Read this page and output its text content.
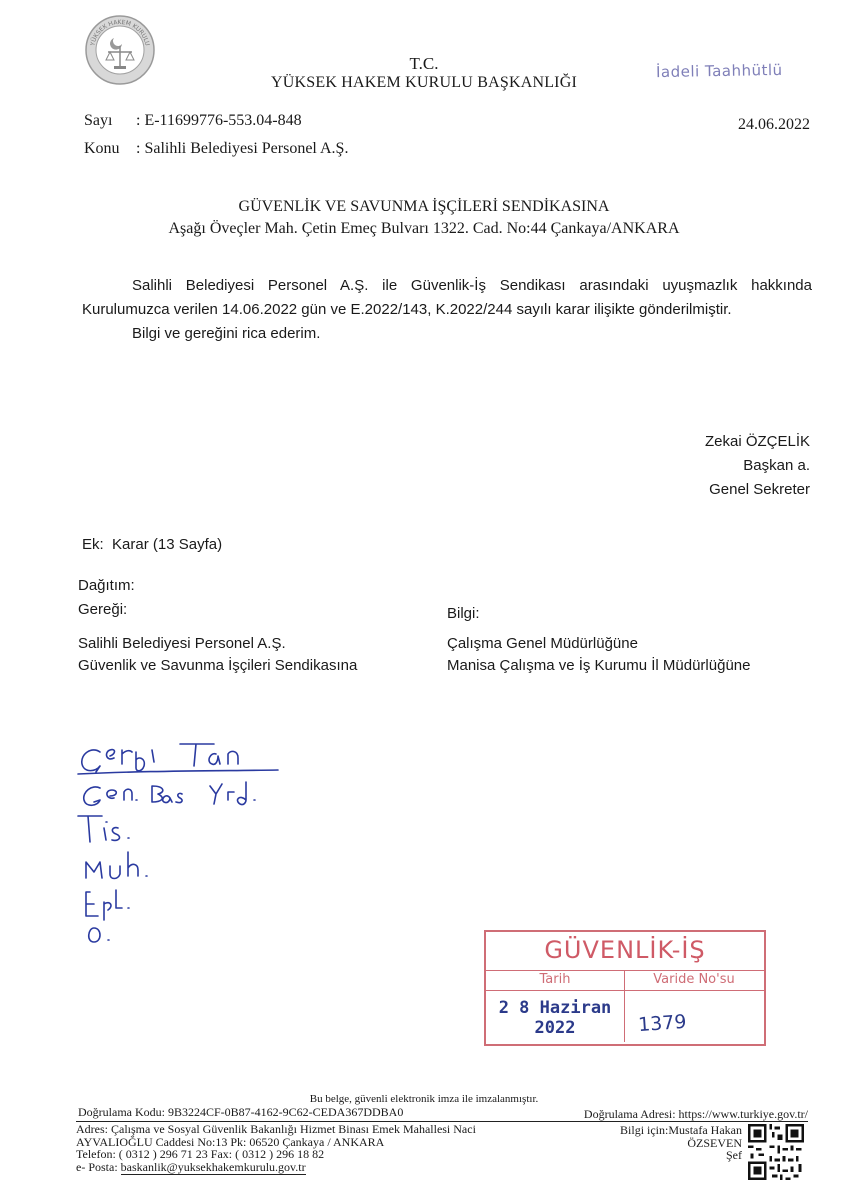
YÜKSEK HAKEM KURULU
T.C.
YÜKSEK HAKEM KURULU BAŞKANLIĞI
İadeli Taahhütlü
Sayı : E-11699776-553.04-848	24.06.2022
Konu : Salihli Belediyesi Personel A.Ş.
GÜVENLİK VE SAVUNMA İŞÇİLERİ SENDİKASINA
Aşağı Öveçler Mah. Çetin Emeç Bulvarı 1322. Cad. No:44 Çankaya/ANKARA
Salihli Belediyesi Personel A.Ş. ile Güvenlik-İş Sendikası arasındaki uyuşmazlık hakkında
Kurulumuzca verilen 14.06.2022 gün ve E.2022/143, K.2022/244 sayılı karar ilişikte gönderilmiştir.
Bilgi ve gereğini rica ederim.
Zekai ÖZÇELİK
Başkan a.
Genel Sekreter
Ek: Karar (13 Sayfa)
Dağıtım:
Gereği:
Salihli Belediyesi Personel A.Ş.
Güvenlik ve Savunma İşçileri Sendikasına
Bilgi:
Çalışma Genel Müdürlüğüne
Manisa Çalışma ve İş Kurumu İl Müdürlüğüne
GÜVENLİK-İŞ
Tarih	Varide No'su
2 8 Haziran 2022	1379
Bu belge, güvenli elektronik imza ile imzalanmıştır.
Doğrulama Kodu: 9B3224CF-0B87-4162-9C62-CEDA367DDBA0	Doğrulama Adresi: https://www.turkiye.gov.tr/
Adres: Çalışma ve Sosyal Güvenlik Bakanlığı Hizmet Binası Emek Mahallesi Naci
AYVALIOĞLU Caddesi No:13 Pk: 06520 Çankaya / ANKARA
Telefon: ( 0312 ) 296 71 23 Fax: ( 0312 ) 296 18 82
e- Posta: baskanlik@yuksekhakemkurulu.gov.tr
Bilgi için:Mustafa Hakan
ÖZSEVEN
Şef
